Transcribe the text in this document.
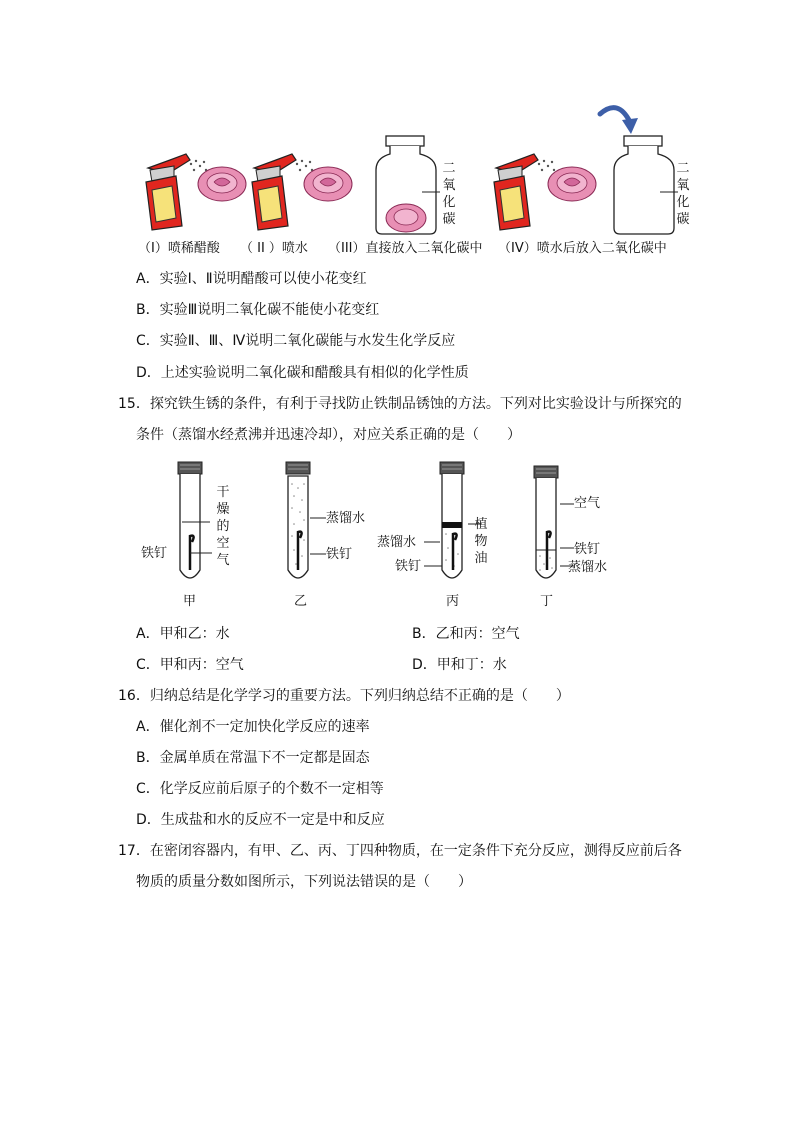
二氧化碳
二氧化碳
（I）喷稀醋酸 （ II ）喷水 （III）直接放入二氧化碳中 （IV）喷水后放入二氧化碳中
A．实验Ⅰ、Ⅱ说明醋酸可以使小花变红
B．实验Ⅲ说明二氧化碳不能使小花变红
C．实验Ⅱ、Ⅲ、Ⅳ说明二氧化碳能与水发生化学反应
D．上述实验说明二氧化碳和醋酸具有相似的化学性质
15．探究铁生锈的条件，有利于寻找防止铁制品锈蚀的方法。下列对比实验设计与所探究的
条件（蒸馏水经煮沸并迅速冷却），对应关系正确的是（　　）
干燥的空气
铁钉
甲
蒸馏水
铁钉
乙
植物油
蒸馏水
铁钉
丙
空气
铁钉
蒸馏水
丁
A．甲和乙：水	B．乙和丙：空气
C．甲和丙：空气	D．甲和丁：水
16．归纳总结是化学学习的重要方法。下列归纳总结不正确的是（　　）
A．催化剂不一定加快化学反应的速率
B．金属单质在常温下不一定都是固态
C．化学反应前后原子的个数不一定相等
D．生成盐和水的反应不一定是中和反应
17．在密闭容器内，有甲、乙、丙、丁四种物质，在一定条件下充分反应，测得反应前后各
物质的质量分数如图所示，下列说法错误的是（　　）
